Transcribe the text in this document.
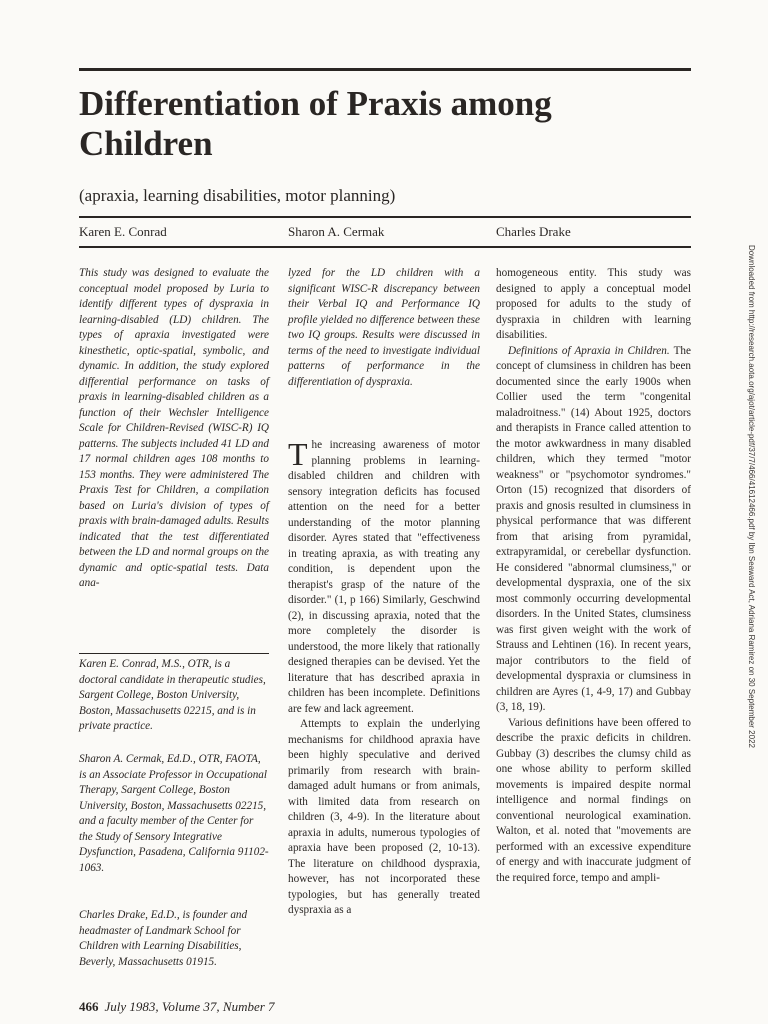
Differentiation of Praxis among Children

(apraxia, learning disabilities, motor planning)

Karen E. Conrad	Sharon A. Cermak	Charles Drake

This study was designed to evaluate the conceptual model proposed by Luria to identify different types of dyspraxia in learning-disabled (LD) children. The types of apraxia investigated were kinesthetic, optic-spatial, symbolic, and dynamic. In addition, the study explored differential performance on tasks of praxis in learning-disabled children as a function of their Wechsler Intelligence Scale for Children-Revised (WISC-R) IQ patterns. The subjects included 41 LD and 17 normal children ages 108 months to 153 months. They were administered The Praxis Test for Children, a compilation based on Luria's division of types of praxis with brain-damaged adults. Results indicated that the test differentiated between the LD and normal groups on the dynamic and optic-spatial tests. Data ana-

Karen E. Conrad, M.S., OTR, is a doctoral candidate in therapeutic studies, Sargent College, Boston University, Boston, Massachusetts 02215, and is in private practice.

Sharon A. Cermak, Ed.D., OTR, FAOTA, is an Associate Professor in Occupational Therapy, Sargent College, Boston University, Boston, Massachusetts 02215, and a faculty member of the Center for the Study of Sensory Integrative Dysfunction, Pasadena, California 91102-1063.

Charles Drake, Ed.D., is founder and headmaster of Landmark School for Children with Learning Disabilities, Beverly, Massachusetts 01915.

lyzed for the LD children with a significant WISC-R discrepancy between their Verbal IQ and Performance IQ profile yielded no difference between these two IQ groups. Results were discussed in terms of the need to investigate individual patterns of performance in the differentiation of dyspraxia.

The increasing awareness of motor planning problems in learning-disabled children and children with sensory integration deficits has focused attention on the need for a better understanding of the motor planning disorder. Ayres stated that "effectiveness in treating apraxia, as with treating any condition, is dependent upon the therapist's grasp of the nature of the disorder." (1, p 166) Similarly, Geschwind (2), in discussing apraxia, noted that the more completely the disorder is understood, the more likely that rationally designed therapies can be devised. Yet the literature that has described apraxia in children has been incomplete. Definitions are few and lack agreement.

Attempts to explain the underlying mechanisms for childhood apraxia have been highly speculative and derived primarily from research with brain-damaged adult humans or from animals, with limited data from research on children (3, 4-9). In the literature about apraxia in adults, numerous typologies of apraxia have been proposed (2, 10-13). The literature on childhood dyspraxia, however, has not incorporated these typologies, but has generally treated dyspraxia as a

homogeneous entity. This study was designed to apply a conceptual model proposed for adults to the study of dyspraxia in children with learning disabilities.

Definitions of Apraxia in Children. The concept of clumsiness in children has been documented since the early 1900s when Collier used the term "congenital maladroitness." (14) About 1925, doctors and therapists in France called attention to the motor awkwardness in many disabled children, which they termed "motor weakness" or "psychomotor syndromes." Orton (15) recognized that disorders of praxis and gnosis resulted in clumsiness in physical performance that was different from that arising from pyramidal, extrapyramidal, or cerebellar dysfunction. He considered "abnormal clumsiness," or developmental dyspraxia, one of the six most commonly occurring developmental disorders. In the United States, clumsiness was first given weight with the work of Strauss and Lehtinen (16). In recent years, major contributors to the field of developmental dyspraxia or clumsiness in children are Ayres (1, 4-9, 17) and Gubbay (3, 18, 19).

Various definitions have been offered to describe the praxic deficits in children. Gubbay (3) describes the clumsy child as one whose ability to perform skilled movements is impaired despite normal intelligence and normal findings on conventional neurological examination. Walton, et al. noted that "movements are performed with an excessive expenditure of energy and with inaccurate judgment of the required force, tempo and ampli-

466 July 1983, Volume 37, Number 7
Downloaded from http://research.aota.org/ajot/article-pdf/37/7/466/41612466.pdf by Ibn Seaward Act, Adriana Ramirez on 30 September 2022
